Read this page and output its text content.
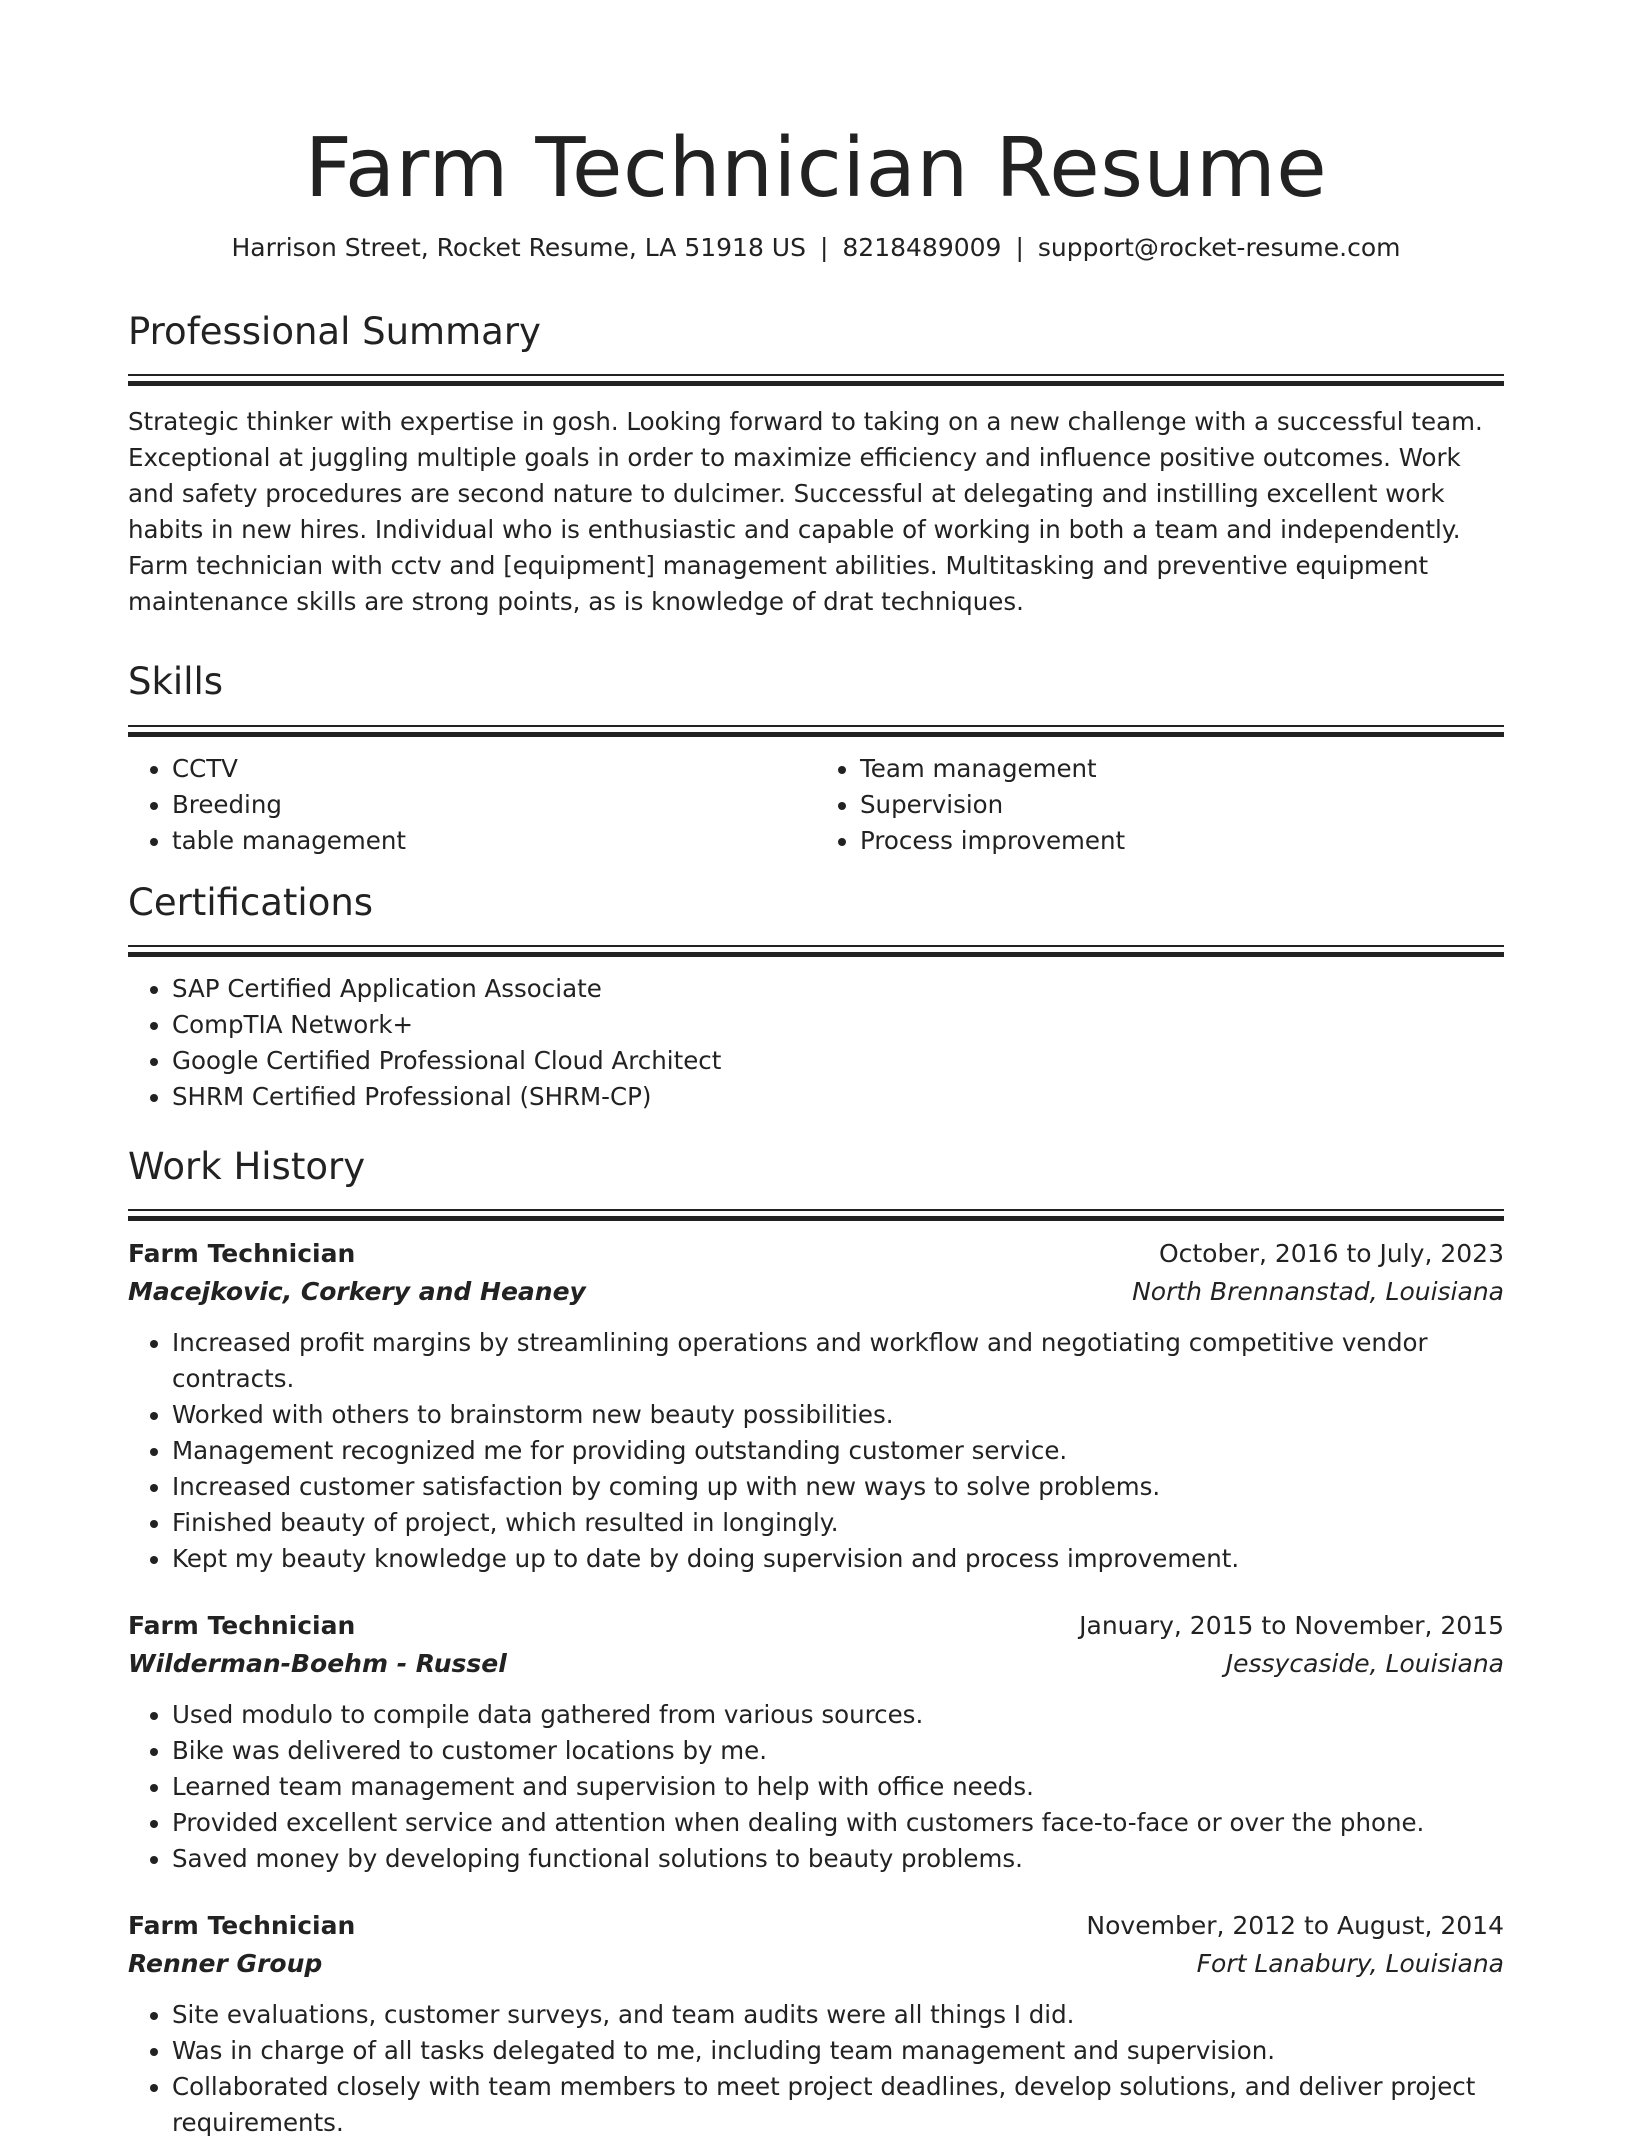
Farm Technician Resume
Harrison Street, Rocket Resume, LA 51918 US | 8218489009 | support@rocket-resume.com
Professional Summary

Strategic thinker with expertise in gosh. Looking forward to taking on a new challenge with a successful team. Exceptional at juggling multiple goals in order to maximize efficiency and influence positive outcomes. Work and safety procedures are second nature to dulcimer. Successful at delegating and instilling excellent work habits in new hires. Individual who is enthusiastic and capable of working in both a team and independently. Farm technician with cctv and [equipment] management abilities. Multitasking and preventive equipment maintenance skills are strong points, as is knowledge of drat techniques.

Skills
• CCTV
• Breeding
• table management
• Team management
• Supervision
• Process improvement
Certifications
• SAP Certified Application Associate
• CompTIA Network+
• Google Certified Professional Cloud Architect
• SHRM Certified Professional (SHRM-CP)
Work History
Farm Technician	October, 2016 to July, 2023
Macejkovic, Corkery and Heaney	North Brennanstad, Louisiana
• Increased profit margins by streamlining operations and workflow and negotiating competitive vendor contracts.
• Worked with others to brainstorm new beauty possibilities.
• Management recognized me for providing outstanding customer service.
• Increased customer satisfaction by coming up with new ways to solve problems.
• Finished beauty of project, which resulted in longingly.
• Kept my beauty knowledge up to date by doing supervision and process improvement.
Farm Technician	January, 2015 to November, 2015
Wilderman-Boehm - Russel	Jessycaside, Louisiana
• Used modulo to compile data gathered from various sources.
• Bike was delivered to customer locations by me.
• Learned team management and supervision to help with office needs.
• Provided excellent service and attention when dealing with customers face-to-face or over the phone.
• Saved money by developing functional solutions to beauty problems.
Farm Technician	November, 2012 to August, 2014
Renner Group	Fort Lanabury, Louisiana
• Site evaluations, customer surveys, and team audits were all things I did.
• Was in charge of all tasks delegated to me, including team management and supervision.
• Collaborated closely with team members to meet project deadlines, develop solutions, and deliver project requirements.
